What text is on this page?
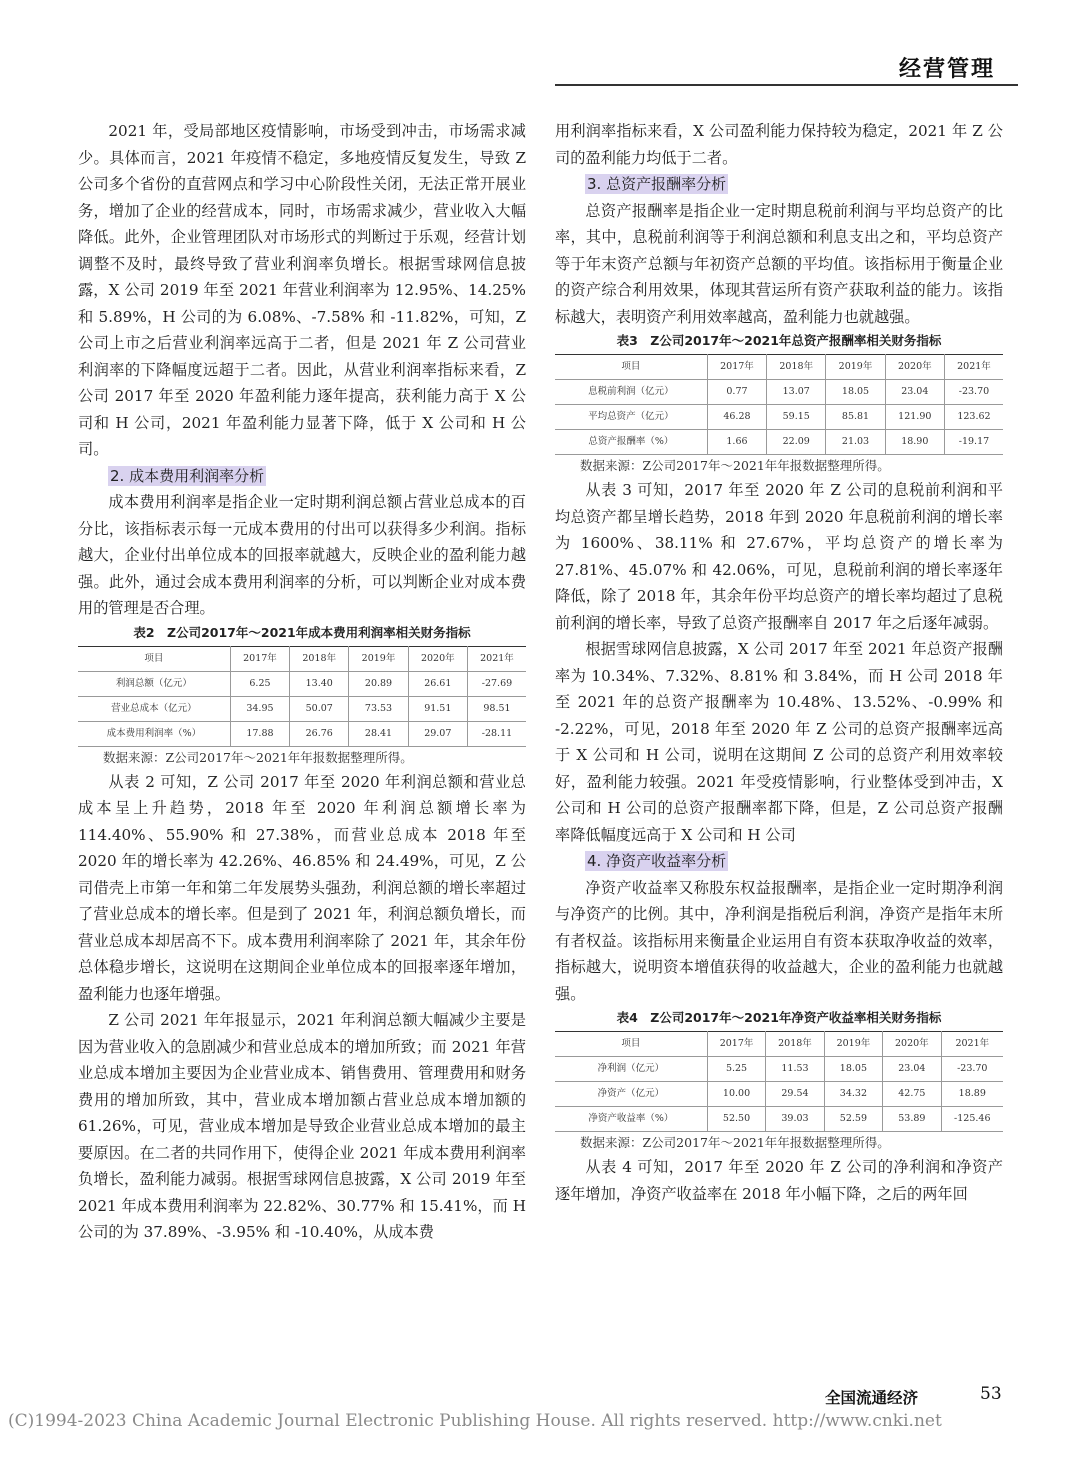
经营管理

2021 年，受局部地区疫情影响，市场受到冲击，市场需求减少。具体而言，2021 年疫情不稳定，多地疫情反复发生，导致 Z 公司多个省份的直营网点和学习中心阶段性关闭，无法正常开展业务，增加了企业的经营成本，同时，市场需求减少，营业收入大幅降低。此外，企业管理团队对市场形式的判断过于乐观，经营计划调整不及时，最终导致了营业利润率负增长。根据雪球网信息披露，X 公司 2019 年至 2021 年营业利润率为 12.95%、14.25% 和 5.89%，H 公司的为 6.08%、-7.58% 和 -11.82%，可知，Z 公司上市之后营业利润率远高于二者，但是 2021 年 Z 公司营业利润率的下降幅度远超于二者。因此，从营业利润率指标来看，Z 公司 2017 年至 2020 年盈利能力逐年提高，获利能力高于 X 公司和 H 公司，2021 年盈利能力显著下降，低于 X 公司和 H 公司。

2. 成本费用利润率分析

成本费用利润率是指企业一定时期利润总额占营业总成本的百分比，该指标表示每一元成本费用的付出可以获得多少利润。指标越大，企业付出单位成本的回报率就越大，反映企业的盈利能力越强。此外，通过会成本费用利润率的分析，可以判断企业对成本费用的管理是否合理。

表2　Z公司2017年～2021年成本费用利润率相关财务指标
项目	2017年	2018年	2019年	2020年	2021年
利润总额（亿元）	6.25	13.40	20.89	26.61	-27.69
营业总成本（亿元）	34.95	50.07	73.53	91.51	98.51
成本费用利润率（%）	17.88	26.76	28.41	29.07	-28.11

数据来源：Z公司2017年～2021年年报数据整理所得。

从表 2 可知，Z 公司 2017 年至 2020 年利润总额和营业总成本呈上升趋势，2018 年至 2020 年利润总额增长率为 114.40%、55.90% 和 27.38%，而营业总成本 2018 年至 2020 年的增长率为 42.26%、46.85% 和 24.49%，可见，Z 公司借壳上市第一年和第二年发展势头强劲，利润总额的增长率超过了营业总成本的增长率。但是到了 2021 年，利润总额负增长，而营业总成本却居高不下。成本费用利润率除了 2021 年，其余年份总体稳步增长，这说明在这期间企业单位成本的回报率逐年增加，盈利能力也逐年增强。

Z 公司 2021 年年报显示，2021 年利润总额大幅减少主要是因为营业收入的急剧减少和营业总成本的增加所致；而 2021 年营业总成本增加主要因为企业营业成本、销售费用、管理费用和财务费用的增加所致，其中，营业成本增加额占营业总成本增加额的 61.26%，可见，营业成本增加是导致企业营业总成本增加的最主要原因。在二者的共同作用下，使得企业 2021 年成本费用利润率负增长，盈利能力减弱。根据雪球网信息披露，X 公司 2019 年至 2021 年成本费用利润率为 22.82%、30.77% 和 15.41%，而 H 公司的为 37.89%、-3.95% 和 -10.40%，从成本费

用利润率指标来看，X 公司盈利能力保持较为稳定，2021 年 Z 公司的盈利能力均低于二者。

3. 总资产报酬率分析

总资产报酬率是指企业一定时期息税前利润与平均总资产的比率，其中，息税前利润等于利润总额和利息支出之和，平均总资产等于年末资产总额与年初资产总额的平均值。该指标用于衡量企业的资产综合利用效果，体现其营运所有资产获取利益的能力。该指标越大，表明资产利用效率越高，盈利能力也就越强。

表3　Z公司2017年～2021年总资产报酬率相关财务指标
项目	2017年	2018年	2019年	2020年	2021年
息税前利润（亿元）	0.77	13.07	18.05	23.04	-23.70
平均总资产（亿元）	46.28	59.15	85.81	121.90	123.62
总资产报酬率（%）	1.66	22.09	21.03	18.90	-19.17

数据来源：Z公司2017年～2021年年报数据整理所得。

从表 3 可知，2017 年至 2020 年 Z 公司的息税前利润和平均总资产都呈增长趋势，2018 年到 2020 年息税前利润的增长率为 1600%、38.11% 和 27.67%，平均总资产的增长率为 27.81%、45.07% 和 42.06%，可见，息税前利润的增长率逐年降低，除了 2018 年，其余年份平均总资产的增长率均超过了息税前利润的增长率，导致了总资产报酬率自 2017 年之后逐年减弱。

根据雪球网信息披露，X 公司 2017 年至 2021 年总资产报酬率为 10.34%、7.32%、8.81% 和 3.84%，而 H 公司 2018 年至 2021 年的总资产报酬率为 10.48%、13.52%、-0.99% 和 -2.22%，可见，2018 年至 2020 年 Z 公司的总资产报酬率远高于 X 公司和 H 公司，说明在这期间 Z 公司的总资产利用效率较好，盈利能力较强。2021 年受疫情影响，行业整体受到冲击，X 公司和 H 公司的总资产报酬率都下降，但是，Z 公司总资产报酬率降低幅度远高于 X 公司和 H 公司

4. 净资产收益率分析

净资产收益率又称股东权益报酬率，是指企业一定时期净利润与净资产的比例。其中，净利润是指税后利润，净资产是指年末所有者权益。该指标用来衡量企业运用自有资本获取净收益的效率，指标越大，说明资本增值获得的收益越大，企业的盈利能力也就越强。

表4　Z公司2017年～2021年净资产收益率相关财务指标
项目	2017年	2018年	2019年	2020年	2021年
净利润（亿元）	5.25	11.53	18.05	23.04	-23.70
净资产（亿元）	10.00	29.54	34.32	42.75	18.89
净资产收益率（%）	52.50	39.03	52.59	53.89	-125.46

数据来源：Z公司2017年～2021年年报数据整理所得。

从表 4 可知，2017 年至 2020 年 Z 公司的净利润和净资产逐年增加，净资产收益率在 2018 年小幅下降，之后的两年回

全国流通经济	53
(C)1994-2023 China Academic Journal Electronic Publishing House. All rights reserved. http://www.cnki.net
